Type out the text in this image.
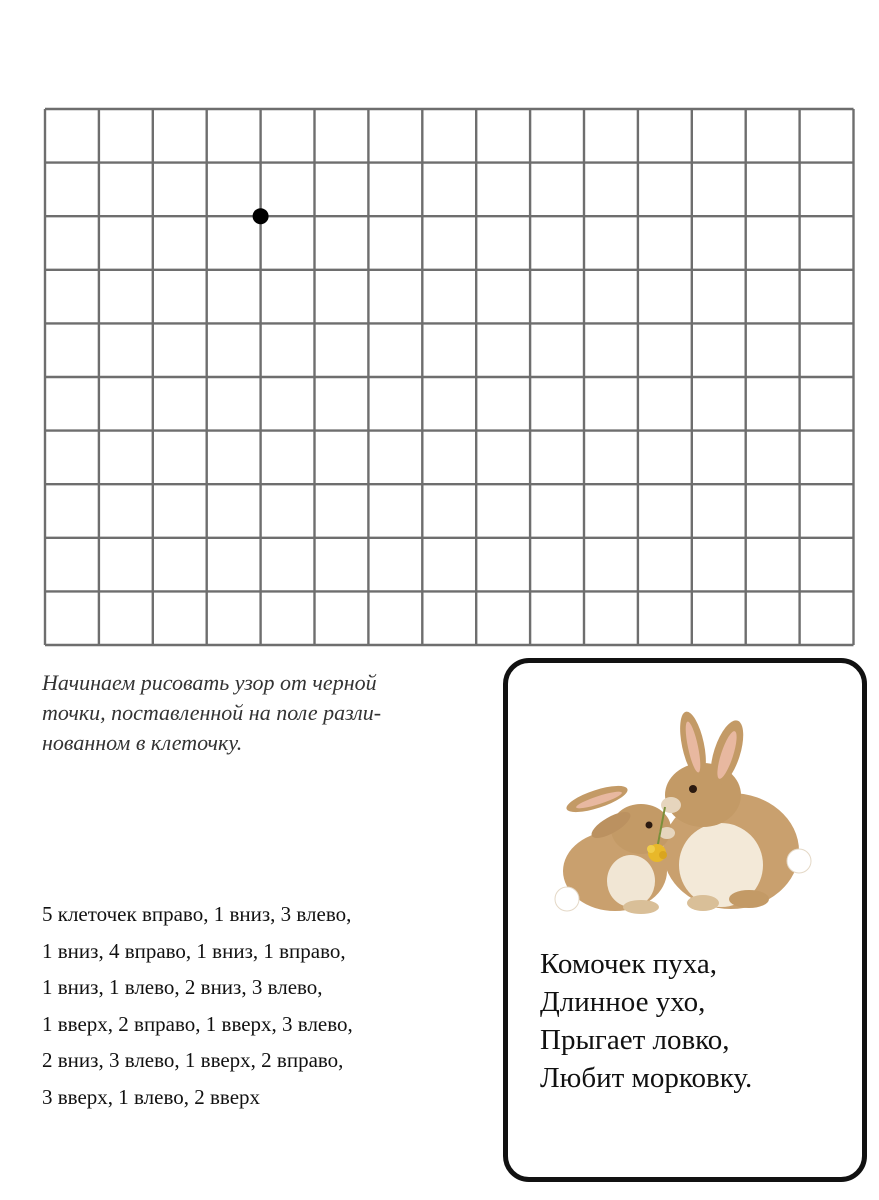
Начинаем рисовать узор от черной
точки, поставленной на поле разли-
нованном в клеточку.

5 клеточек вправо, 1 вниз, 3 влево,
1 вниз, 4 вправо, 1 вниз, 1 вправо,
1 вниз, 1 влево, 2 вниз, 3 влево,
1 вверх, 2 вправо, 1 вверх, 3 влево,
2 вниз, 3 влево, 1 вверх, 2 вправо,
3 вверх, 1 влево, 2 вверх

Комочек пуха,
Длинное ухо,
Прыгает ловко,
Любит морковку.
